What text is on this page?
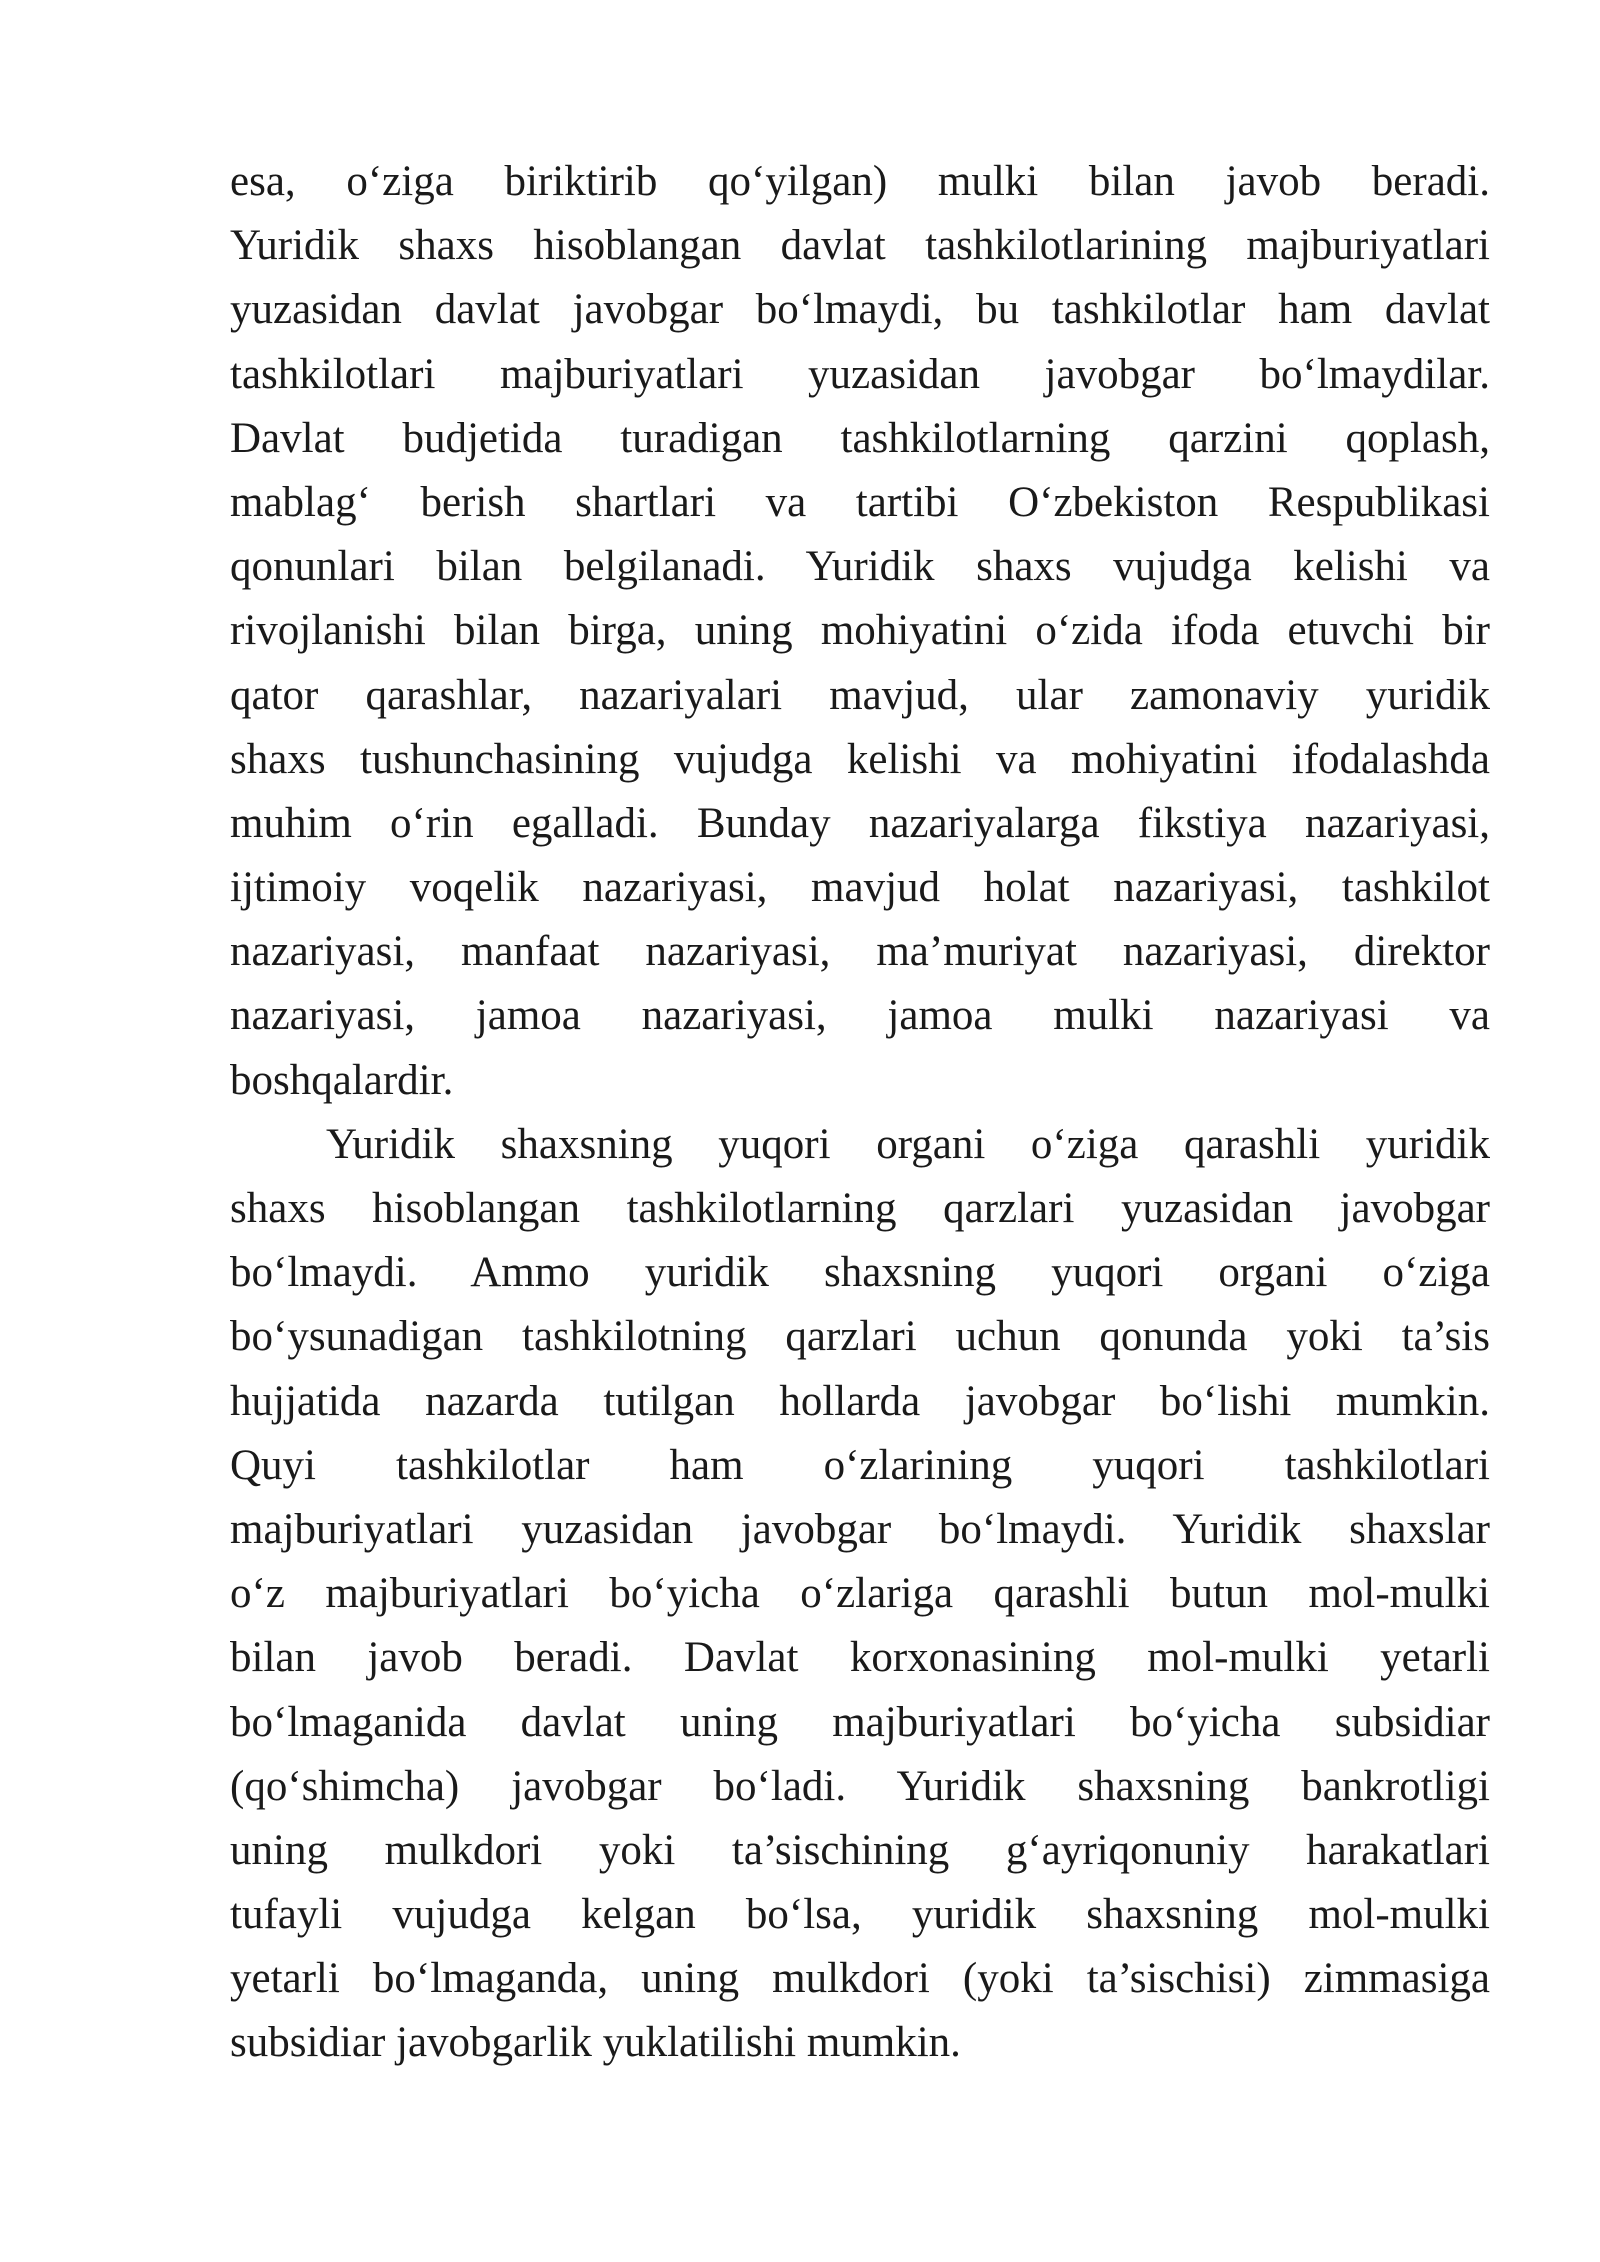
esa, o‘ziga biriktirib qo‘yilgan) mulki bilan javob beradi.
Yuridik shaxs hisoblangan davlat tashkilotlarining majburiyatlari
yuzasidan davlat javobgar bo‘lmaydi, bu tashkilotlar ham davlat
tashkilotlari majburiyatlari yuzasidan javobgar bo‘lmaydilar.
Davlat budjetida turadigan tashkilotlarning qarzini qoplash,
mablag‘ berish shartlari va tartibi O‘zbekiston Respublikasi
qonunlari bilan belgilanadi. Yuridik shaxs vujudga kelishi va
rivojlanishi bilan birga, uning mohiyatini o‘zida ifoda etuvchi bir
qator qarashlar, nazariyalari mavjud, ular zamonaviy yuridik
shaxs tushunchasining vujudga kelishi va mohiyatini ifodalashda
muhim o‘rin egalladi. Bunday nazariyalarga fikstiya nazariyasi,
ijtimoiy voqelik nazariyasi, mavjud holat nazariyasi, tashkilot
nazariyasi, manfaat nazariyasi, ma’muriyat nazariyasi, direktor
nazariyasi, jamoa nazariyasi, jamoa mulki nazariyasi va
boshqalardir.
Yuridik shaxsning yuqori organi o‘ziga qarashli yuridik
shaxs hisoblangan tashkilotlarning qarzlari yuzasidan javobgar
bo‘lmaydi. Ammo yuridik shaxsning yuqori organi o‘ziga
bo‘ysunadigan tashkilotning qarzlari uchun qonunda yoki ta’sis
hujjatida nazarda tutilgan hollarda javobgar bo‘lishi mumkin.
Quyi tashkilotlar ham o‘zlarining yuqori tashkilotlari
majburiyatlari yuzasidan javobgar bo‘lmaydi. Yuridik shaxslar
o‘z majburiyatlari bo‘yicha o‘zlariga qarashli butun mol-mulki
bilan javob beradi. Davlat korxonasining mol-mulki yetarli
bo‘lmaganida davlat uning majburiyatlari bo‘yicha subsidiar
(qo‘shimcha) javobgar bo‘ladi. Yuridik shaxsning bankrotligi
uning mulkdori yoki ta’sischining g‘ayriqonuniy harakatlari
tufayli vujudga kelgan bo‘lsa, yuridik shaxsning mol-mulki
yetarli bo‘lmaganda, uning mulkdori (yoki ta’sischisi) zimmasiga
subsidiar javobgarlik yuklatilishi mumkin.
